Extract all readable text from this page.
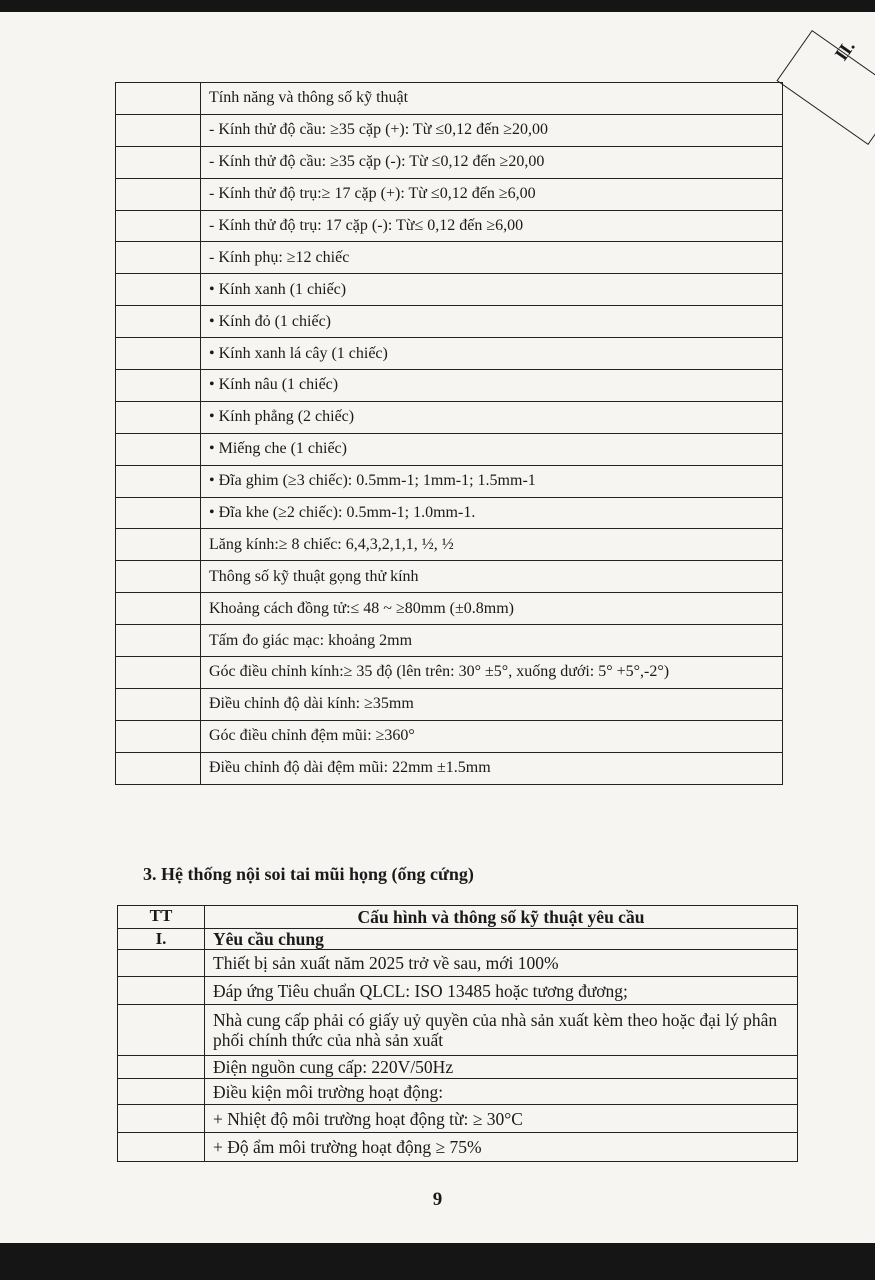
II.
	Tính năng và thông số kỹ thuật
	- Kính thử độ cầu: ≥35 cặp (+): Từ ≤0,12 đến ≥20,00
	- Kính thử độ cầu: ≥35 cặp (-): Từ ≤0,12 đến ≥20,00
	- Kính thử độ trụ:≥ 17 cặp (+): Từ ≤0,12 đến ≥6,00
	- Kính thử độ trụ: 17 cặp (-): Từ≤ 0,12 đến ≥6,00
	- Kính phụ: ≥12 chiếc
	• Kính xanh (1 chiếc)
	• Kính đỏ (1 chiếc)
	• Kính xanh lá cây (1 chiếc)
	• Kính nâu (1 chiếc)
	• Kính phẳng (2 chiếc)
	• Miếng che (1 chiếc)
	• Đĩa ghim (≥3 chiếc): 0.5mm-1; 1mm-1; 1.5mm-1
	• Đĩa khe (≥2 chiếc): 0.5mm-1; 1.0mm-1.
	Lăng kính:≥ 8 chiếc: 6,4,3,2,1,1, ½, ½
	Thông số kỹ thuật gọng thử kính
	Khoảng cách đồng tử:≤ 48 ~ ≥80mm (±0.8mm)
	Tấm đo giác mạc: khoảng 2mm
	Góc điều chỉnh kính:≥ 35 độ (lên trên: 30° ±5°, xuống dưới: 5° +5°,-2°)
	Điều chỉnh độ dài kính: ≥35mm
	Góc điều chỉnh đệm mũi: ≥360°
	Điều chỉnh độ dài đệm mũi: 22mm ±1.5mm
3. Hệ thống nội soi tai mũi họng (ống cứng)
TT	Cấu hình và thông số kỹ thuật yêu cầu
I.	Yêu cầu chung
	Thiết bị sản xuất năm 2025 trở về sau, mới 100%
	Đáp ứng Tiêu chuẩn QLCL: ISO 13485 hoặc tương đương;
	Nhà cung cấp phải có giấy uỷ quyền của nhà sản xuất kèm theo hoặc đại lý phân phối chính thức của nhà sản xuất
	Điện nguồn cung cấp: 220V/50Hz
	Điều kiện môi trường hoạt động:
	+ Nhiệt độ môi trường hoạt động từ: ≥ 30°C
	+ Độ ẩm môi trường hoạt động ≥ 75%
9
